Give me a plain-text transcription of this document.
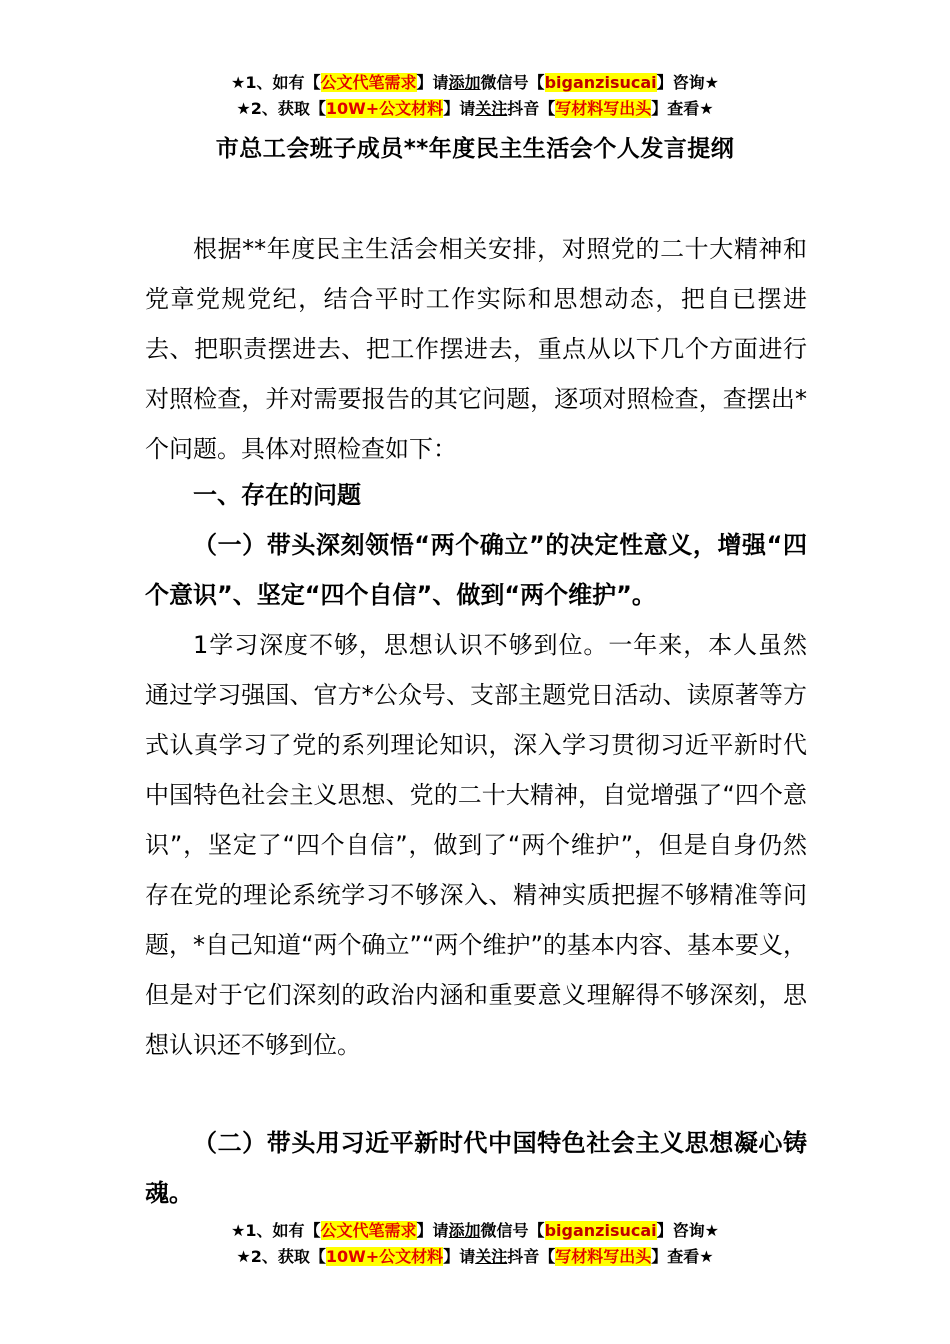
★1、如有【公文代笔需求】请添加微信号【biganzisucai】咨询★
★2、获取【10W+公文材料】请关注抖音【写材料写出头】查看★
市总工会班子成员**年度民主生活会个人发言提纲

根据**年度民主生活会相关安排，对照党的二十大精神和党章党规党纪，结合平时工作实际和思想动态，把自已摆进去、把职责摆进去、把工作摆进去，重点从以下几个方面进行对照检查，并对需要报告的其它问题，逐项对照检查，查摆出*个问题。具体对照检查如下：

一、存在的问题

（一）带头深刻领悟“两个确立”的决定性意义，增强“四个意识”、坚定“四个自信”、做到“两个维护”。

1学习深度不够，思想认识不够到位。一年来，本人虽然通过学习强国、官方*公众号、支部主题党日活动、读原著等方式认真学习了党的系列理论知识，深入学习贯彻习近平新时代中国特色社会主义思想、党的二十大精神，自觉增强了“四个意识”，坚定了“四个自信”，做到了“两个维护”，但是自身仍然存在党的理论系统学习不够深入、精神实质把握不够精准等问题，*自己知道“两个确立”“两个维护”的基本内容、基本要义，但是对于它们深刻的政治内涵和重要意义理解得不够深刻，思想认识还不够到位。

（二）带头用习近平新时代中国特色社会主义思想凝心铸魂。

★1、如有【公文代笔需求】请添加微信号【biganzisucai】咨询★
★2、获取【10W+公文材料】请关注抖音【写材料写出头】查看★
